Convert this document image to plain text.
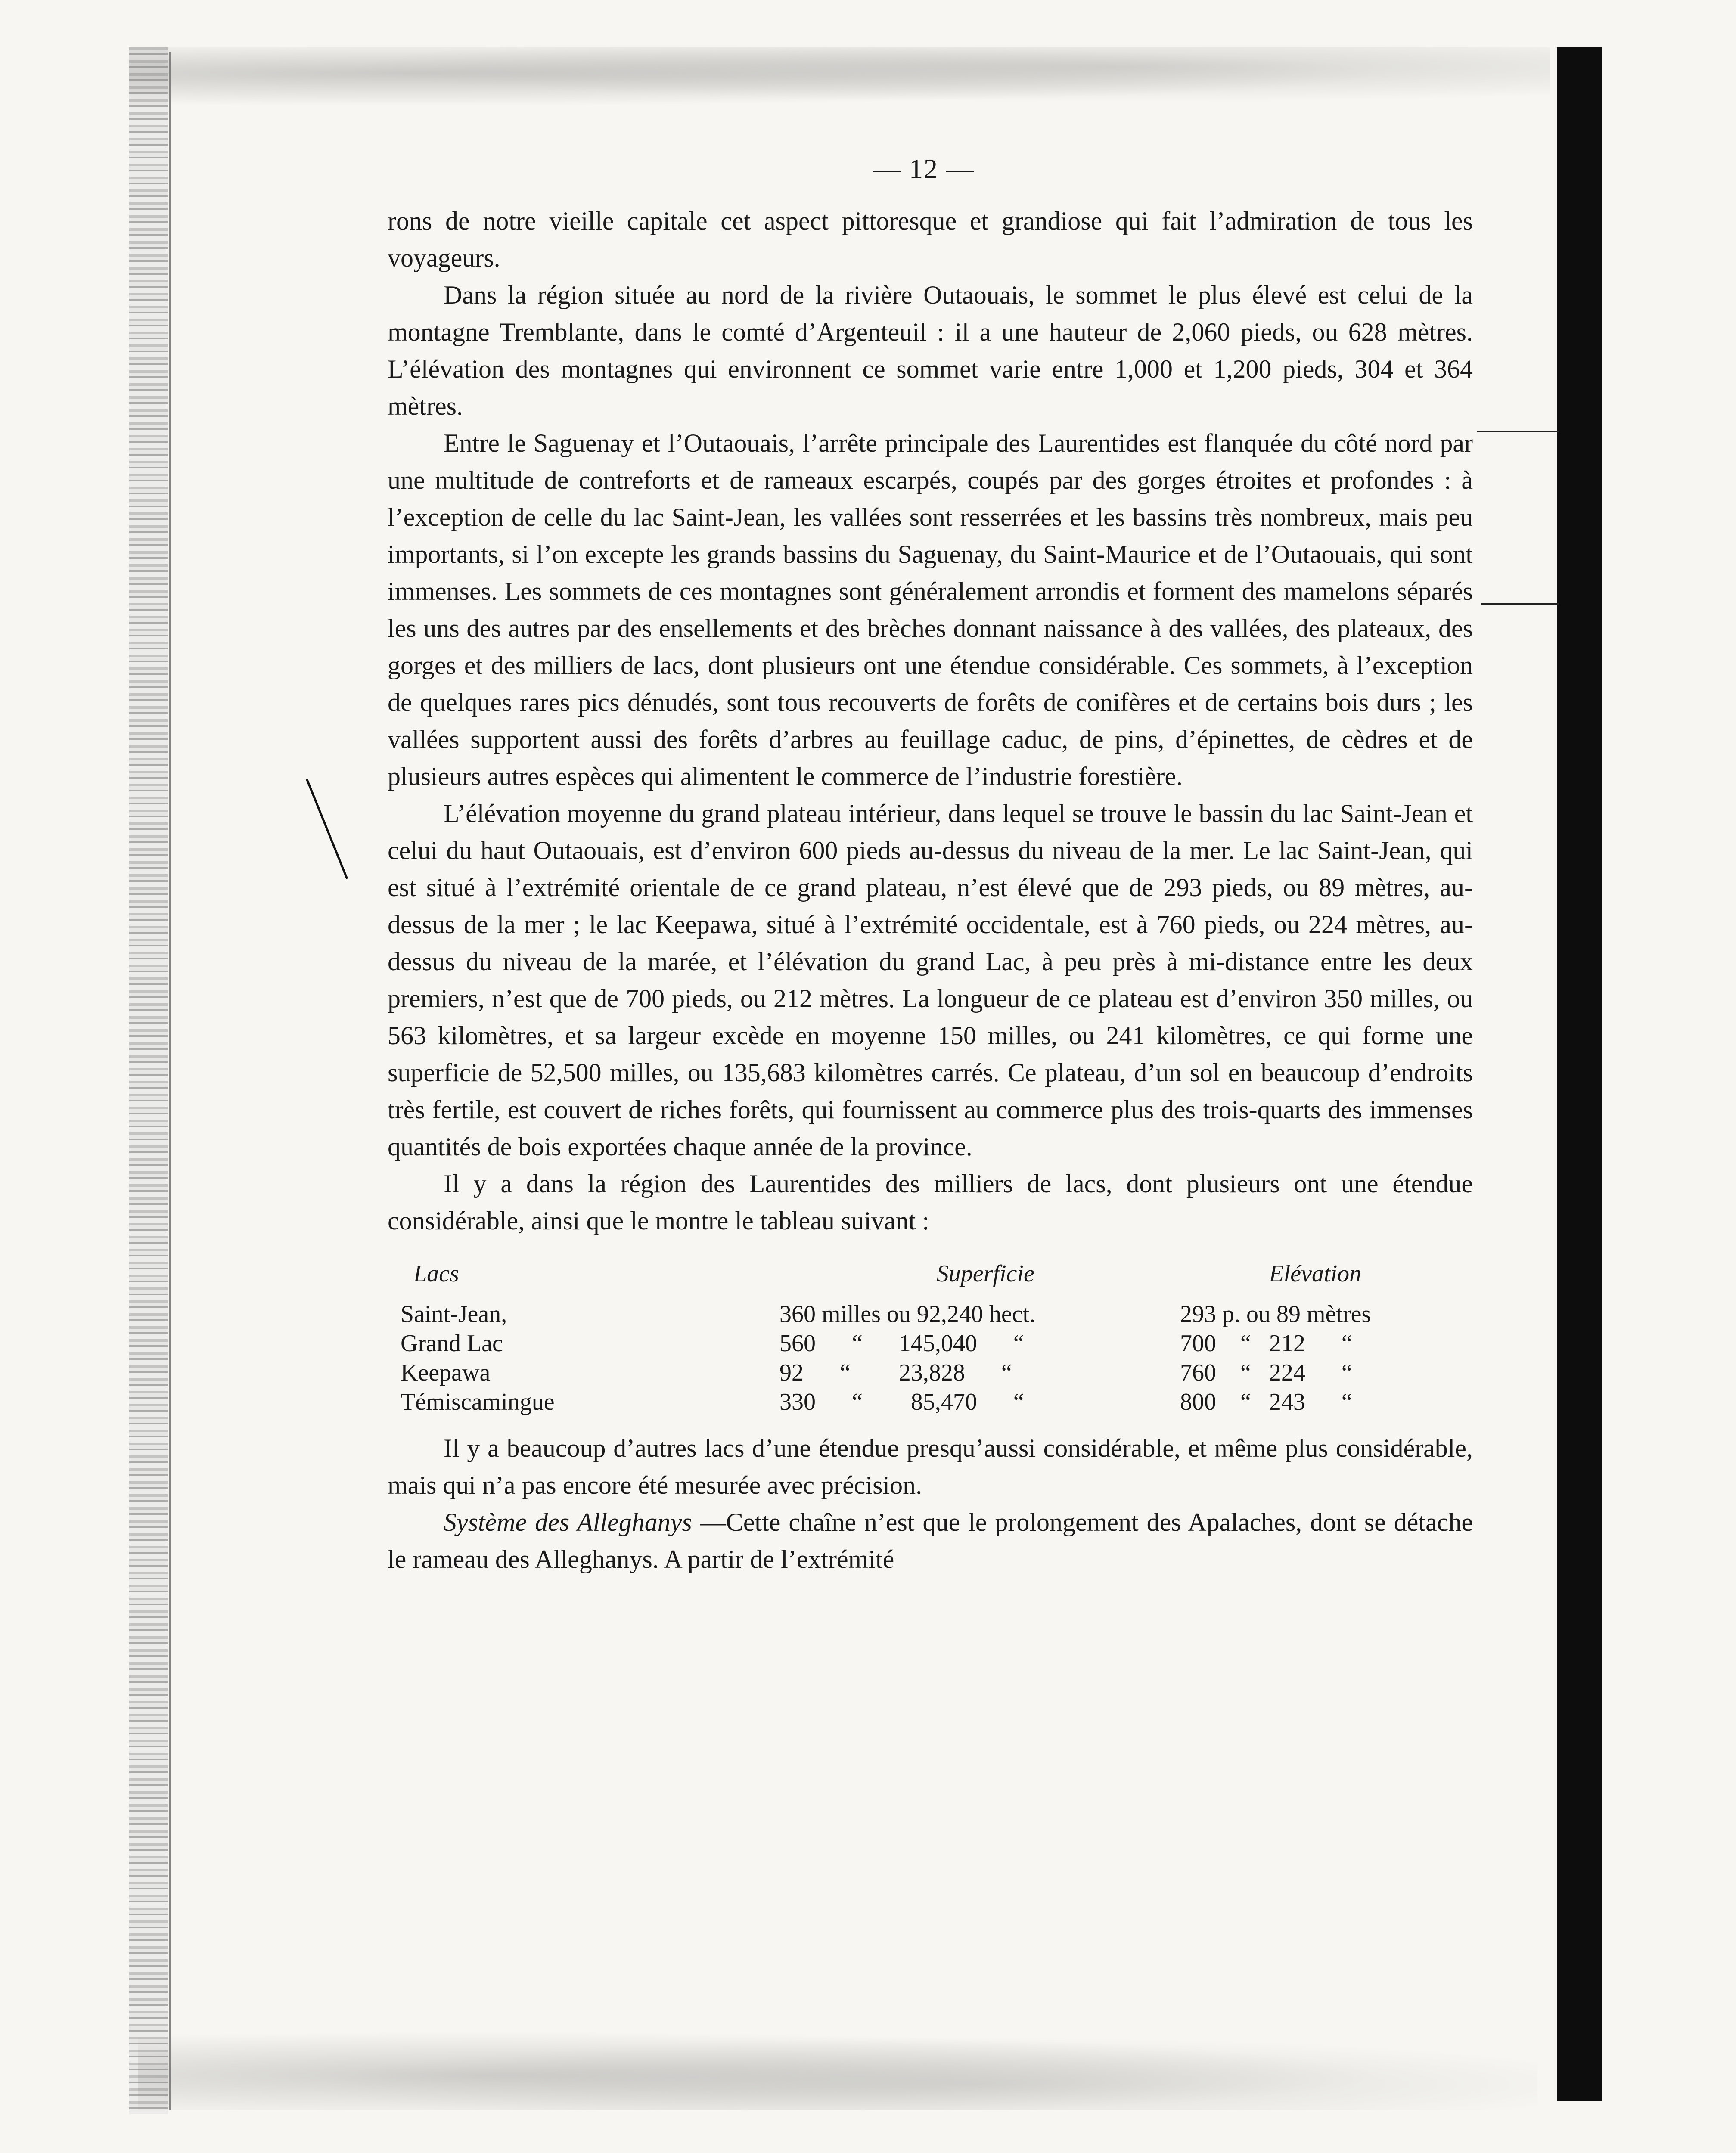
— 12 —

rons de notre vieille capitale cet aspect pittoresque et grandiose qui fait l’admiration de tous les voyageurs.

Dans la région située au nord de la rivière Outaouais, le sommet le plus élevé est celui de la montagne Tremblante, dans le comté d’Argenteuil : il a une hauteur de 2,060 pieds, ou 628 mètres. L’élévation des montagnes qui environnent ce sommet varie entre 1,000 et 1,200 pieds, 304 et 364 mètres.

Entre le Saguenay et l’Outaouais, l’arrête principale des Laurentides est flanquée du côté nord par une multitude de contreforts et de rameaux escarpés, coupés par des gorges étroites et profondes : à l’exception de celle du lac Saint-Jean, les vallées sont resserrées et les bassins très nombreux, mais peu importants, si l’on excepte les grands bassins du Saguenay, du Saint-Maurice et de l’Outaouais, qui sont immenses. Les sommets de ces montagnes sont généralement arrondis et forment des mamelons séparés les uns des autres par des ensellements et des brèches donnant naissance à des vallées, des plateaux, des gorges et des milliers de lacs, dont plusieurs ont une étendue considérable. Ces sommets, à l’exception de quelques rares pics dénudés, sont tous recouverts de forêts de conifères et de certains bois durs ; les vallées supportent aussi des forêts d’arbres au feuillage caduc, de pins, d’épinettes, de cèdres et de plusieurs autres espèces qui alimentent le commerce de l’industrie forestière.

L’élévation moyenne du grand plateau intérieur, dans lequel se trouve le bassin du lac Saint-Jean et celui du haut Outaouais, est d’environ 600 pieds au-dessus du niveau de la mer. Le lac Saint-Jean, qui est situé à l’extrémité orientale de ce grand plateau, n’est élevé que de 293 pieds, ou 89 mètres, au-dessus de la mer ; le lac Keepawa, situé à l’extrémité occidentale, est à 760 pieds, ou 224 mètres, au-dessus du niveau de la marée, et l’élévation du grand Lac, à peu près à mi-distance entre les deux premiers, n’est que de 700 pieds, ou 212 mètres. La longueur de ce plateau est d’environ 350 milles, ou 563 kilomètres, et sa largeur excède en moyenne 150 milles, ou 241 kilomètres, ce qui forme une superficie de 52,500 milles, ou 135,683 kilomètres carrés. Ce plateau, d’un sol en beaucoup d’endroits très fertile, est couvert de riches forêts, qui fournissent au commerce plus des trois-quarts des immenses quantités de bois exportées chaque année de la province.

Il y a dans la région des Laurentides des milliers de lacs, dont plusieurs ont une étendue considérable, ainsi que le montre le tableau suivant :

Lacs	Superficie	Elévation
Saint-Jean,	360 milles ou 92,240 hect.	293 p. ou 89 mètres
Grand Lac	560      “      145,040      “	700    “   212      “
Keepawa	92      “        23,828      “	760    “   224      “
Témiscamingue	330      “        85,470      “	800    “   243      “

Il y a beaucoup d’autres lacs d’une étendue presqu’aussi considérable, et même plus considérable, mais qui n’a pas encore été mesurée avec précision.

Système des Alleghanys —Cette chaîne n’est que le prolongement des Apalaches, dont se détache le rameau des Alleghanys. A partir de l’extrémité
